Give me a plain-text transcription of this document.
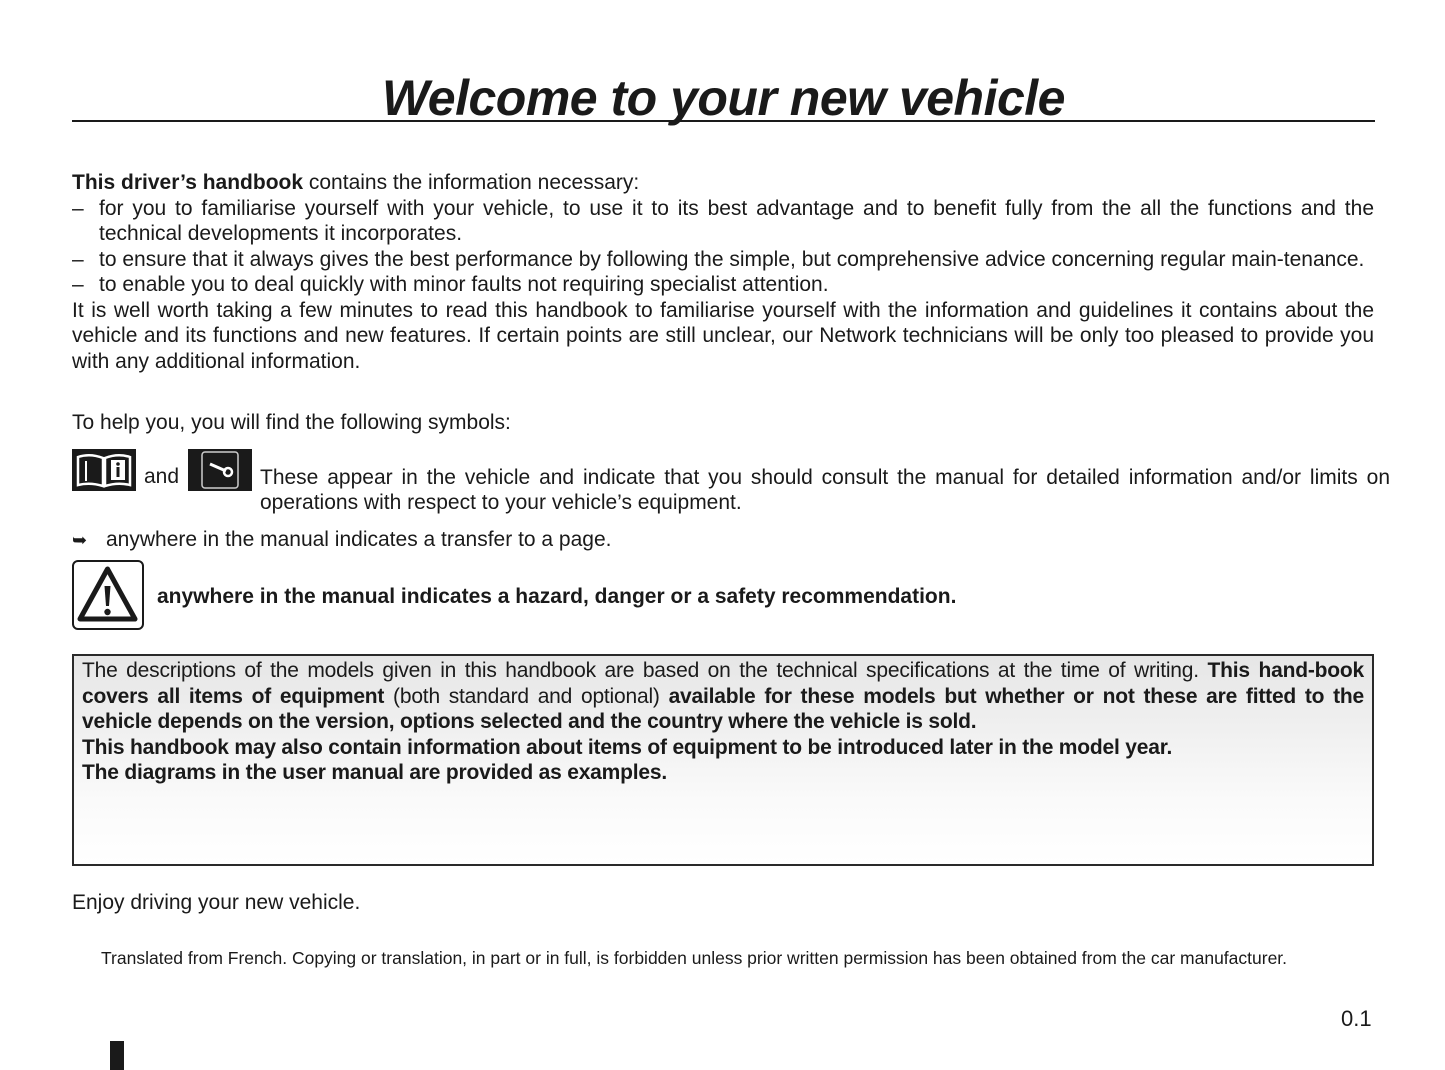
Welcome to your new vehicle

This driver’s handbook contains the information necessary:

– for you to familiarise yourself with your vehicle, to use it to its best advantage and to benefit fully from the all the functions and the technical developments it incorporates.
– to ensure that it always gives the best performance by following the simple, but comprehensive advice concerning regular main-tenance.
– to enable you to deal quickly with minor faults not requiring specialist attention.

It is well worth taking a few minutes to read this handbook to familiarise yourself with the information and guidelines it contains about the vehicle and its functions and new features. If certain points are still unclear, our Network technicians will be only too pleased to provide you with any additional information.

To help you, you will find the following symbols:
and	These appear in the vehicle and indicate that you should consult the manual for detailed information and/or limits on operations with respect to your vehicle’s equipment.
➥ anywhere in the manual indicates a transfer to a page.
anywhere in the manual indicates a hazard, danger or a safety recommendation.

The descriptions of the models given in this handbook are based on the technical specifications at the time of writing. This hand-book covers all items of equipment (both standard and optional) available for these models but whether or not these are fitted to the vehicle depends on the version, options selected and the country where the vehicle is sold.

This handbook may also contain information about items of equipment to be introduced later in the model year.

The diagrams in the user manual are provided as examples.

Enjoy driving your new vehicle.
Translated from French. Copying or translation, in part or in full, is forbidden unless prior written permission has been obtained from the car manufacturer.
0.1
